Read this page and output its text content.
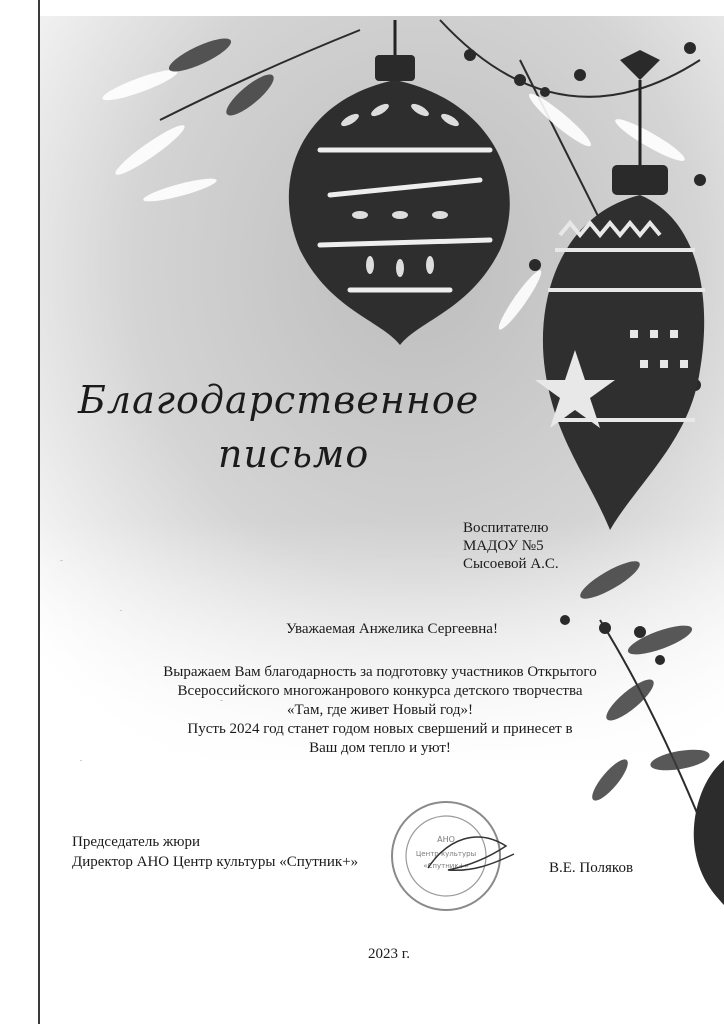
Благодарственное
письмо
Воспитателю
МАДОУ №5
Сысоевой А.С.
Уважаемая Анжелика Сергеевна!
Выражаем Вам благодарность за подготовку участников Открытого
Всероссийского многожанрового конкурса детского творчества
«Там, где живет Новый год»!
Пусть 2024 год станет годом новых свершений и принесет в
Ваш дом тепло и уют!
Председатель жюри
Директор АНО Центр культуры «Спутник+»
АНО
Центр культуры
«Спутник+»	В.Е. Поляков
2023 г.
